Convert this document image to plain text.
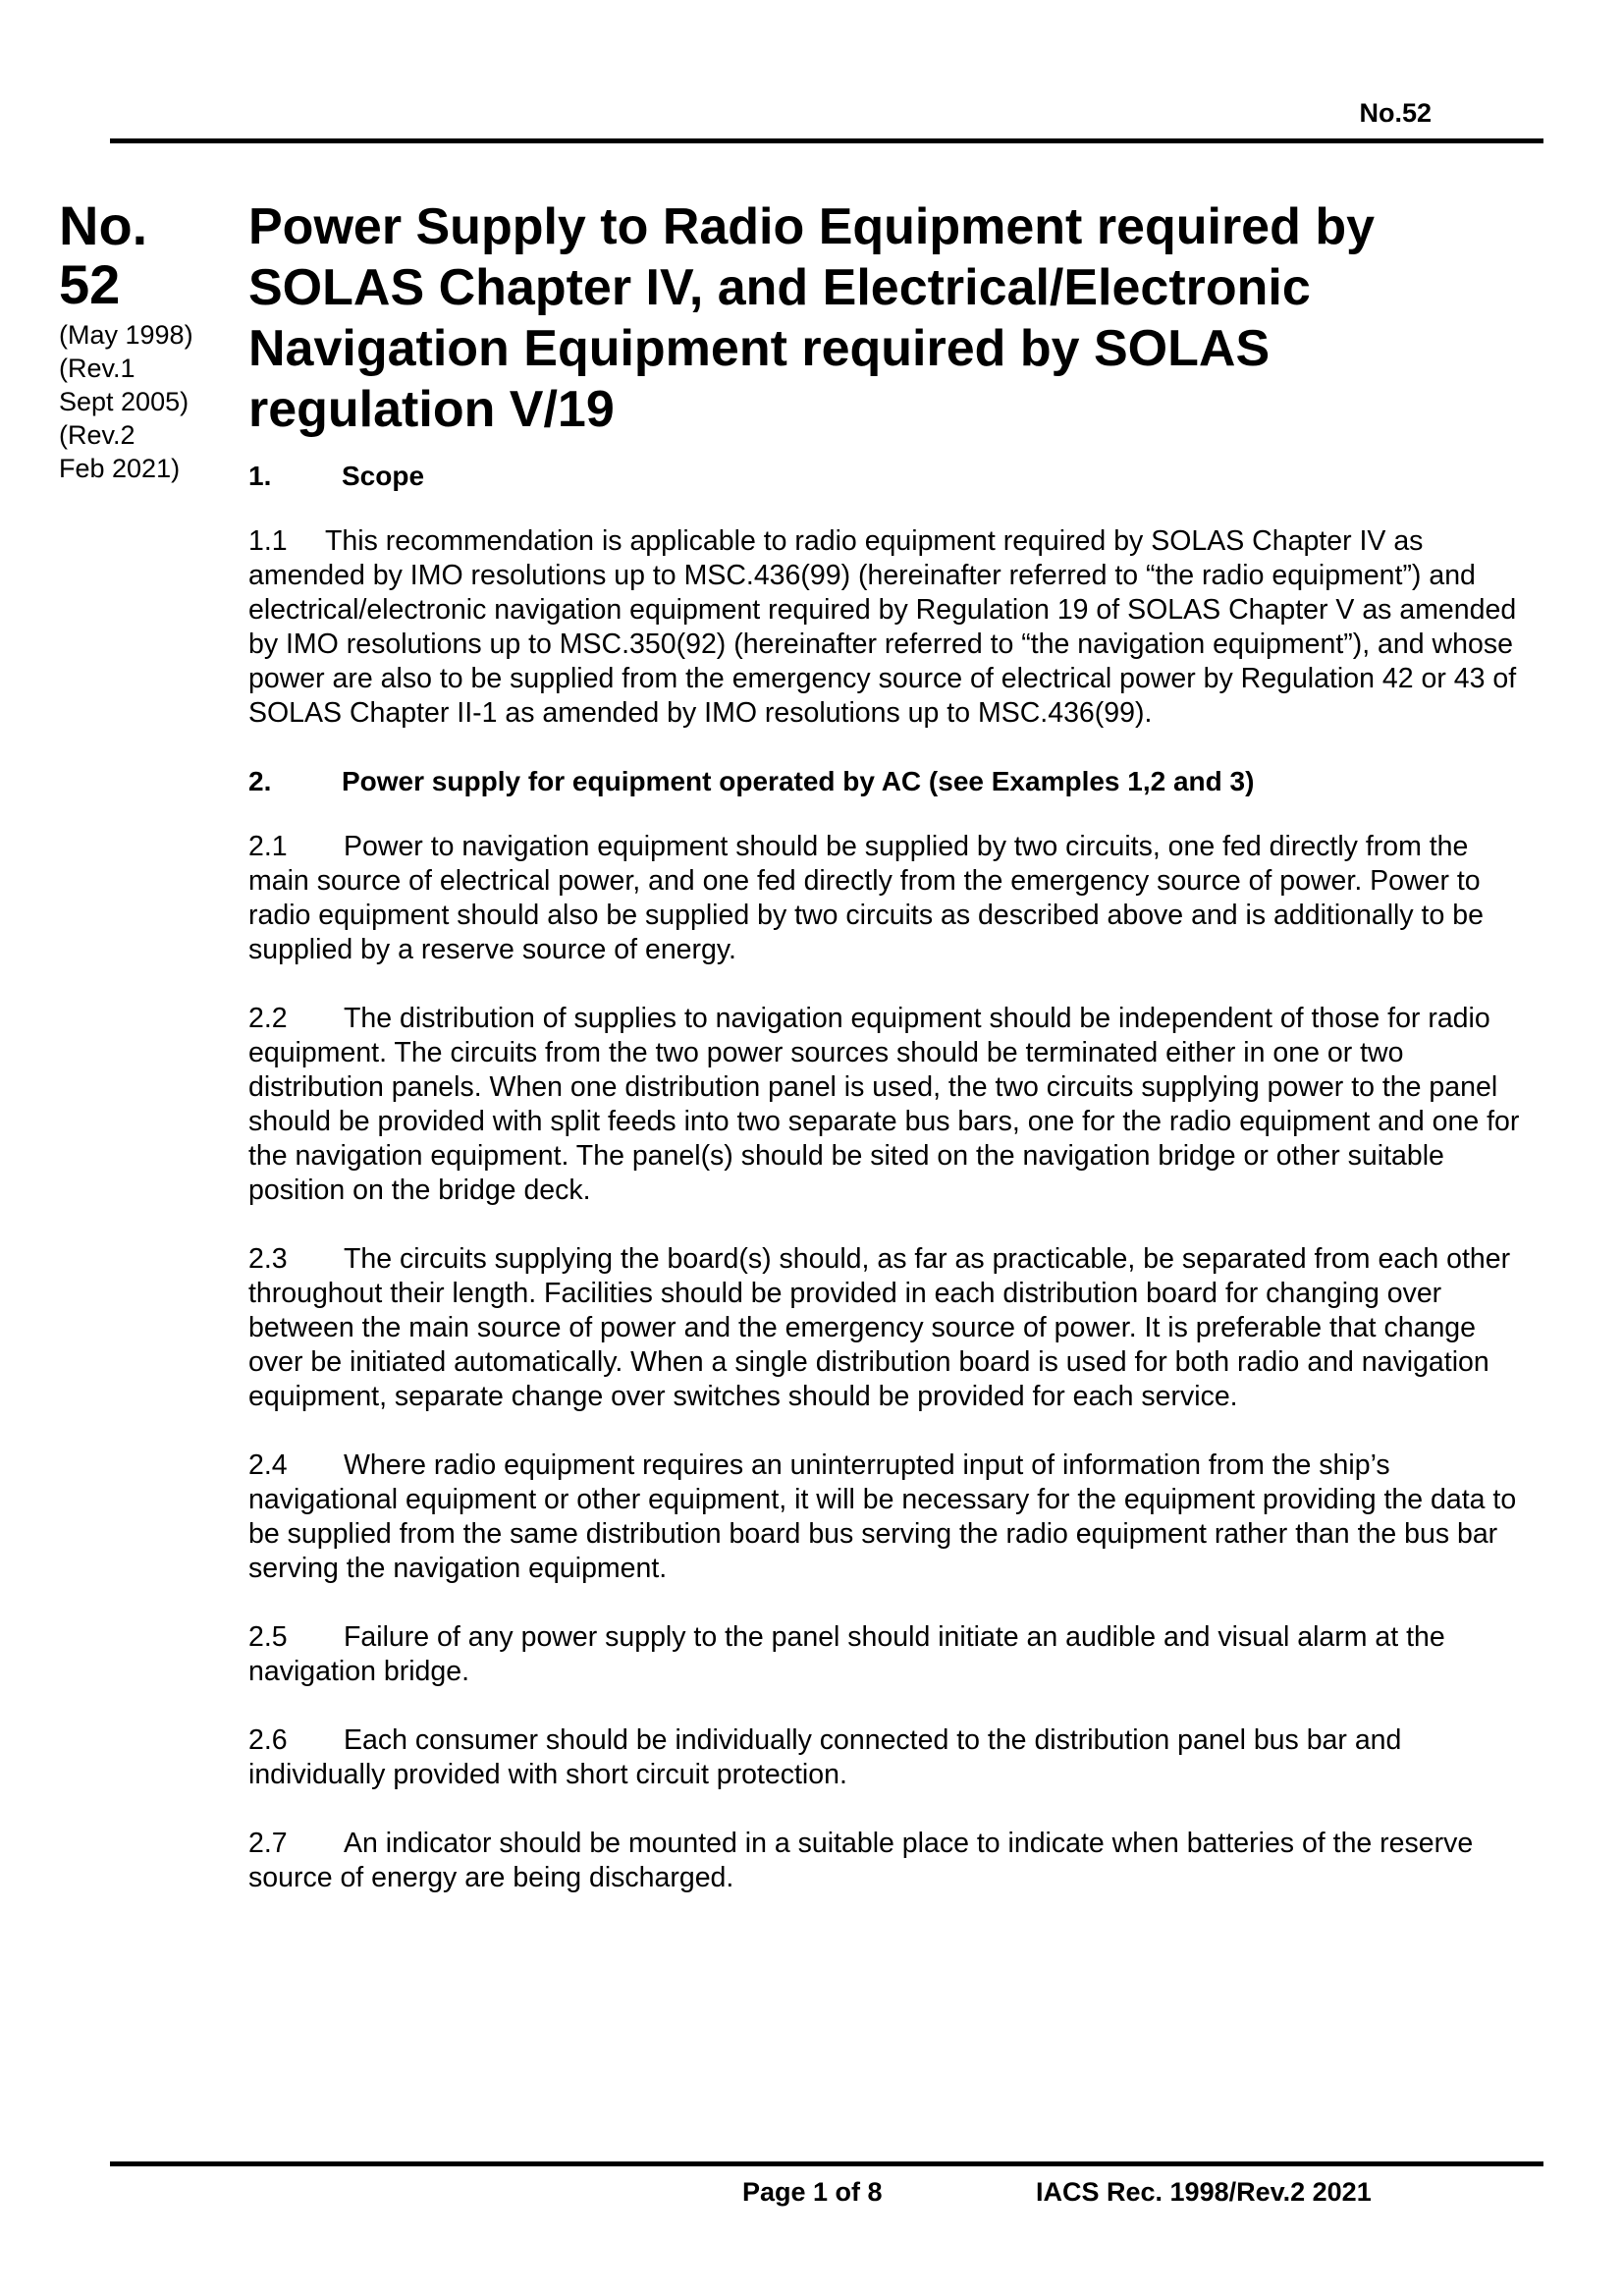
No.52
No.
52
(May 1998)
(Rev.1
Sept 2005)
(Rev.2
Feb 2021)
Power Supply to Radio Equipment required by SOLAS Chapter IV, and Electrical/Electronic Navigation Equipment required by SOLAS regulation V/19
1.	Scope

1.1 This recommendation is applicable to radio equipment required by SOLAS Chapter IV as amended by IMO resolutions up to MSC.436(99) (hereinafter referred to “the radio equipment”) and electrical/electronic navigation equipment required by Regulation 19 of SOLAS Chapter V as amended by IMO resolutions up to MSC.350(92) (hereinafter referred to “the navigation equipment”), and whose power are also to be supplied from the emergency source of electrical power by Regulation 42 or 43 of SOLAS Chapter II-1 as amended by IMO resolutions up to MSC.436(99).

2.	Power supply for equipment operated by AC (see Examples 1,2 and 3)

2.1 Power to navigation equipment should be supplied by two circuits, one fed directly from the main source of electrical power, and one fed directly from the emergency source of power. Power to radio equipment should also be supplied by two circuits as described above and is additionally to be supplied by a reserve source of energy.

2.2 The distribution of supplies to navigation equipment should be independent of those for radio equipment. The circuits from the two power sources should be terminated either in one or two distribution panels. When one distribution panel is used, the two circuits supplying power to the panel should be provided with split feeds into two separate bus bars, one for the radio equipment and one for the navigation equipment. The panel(s) should be sited on the navigation bridge or other suitable position on the bridge deck.

2.3 The circuits supplying the board(s) should, as far as practicable, be separated from each other throughout their length. Facilities should be provided in each distribution board for changing over between the main source of power and the emergency source of power. It is preferable that change over be initiated automatically. When a single distribution board is used for both radio and navigation equipment, separate change over switches should be provided for each service.

2.4 Where radio equipment requires an uninterrupted input of information from the ship’s navigational equipment or other equipment, it will be necessary for the equipment providing the data to be supplied from the same distribution board bus serving the radio equipment rather than the bus bar serving the navigation equipment.

2.5 Failure of any power supply to the panel should initiate an audible and visual alarm at the navigation bridge.

2.6 Each consumer should be individually connected to the distribution panel bus bar and individually provided with short circuit protection.

2.7 An indicator should be mounted in a suitable place to indicate when batteries of the reserve source of energy are being discharged.

Page 1 of 8	IACS Rec. 1998/Rev.2 2021
